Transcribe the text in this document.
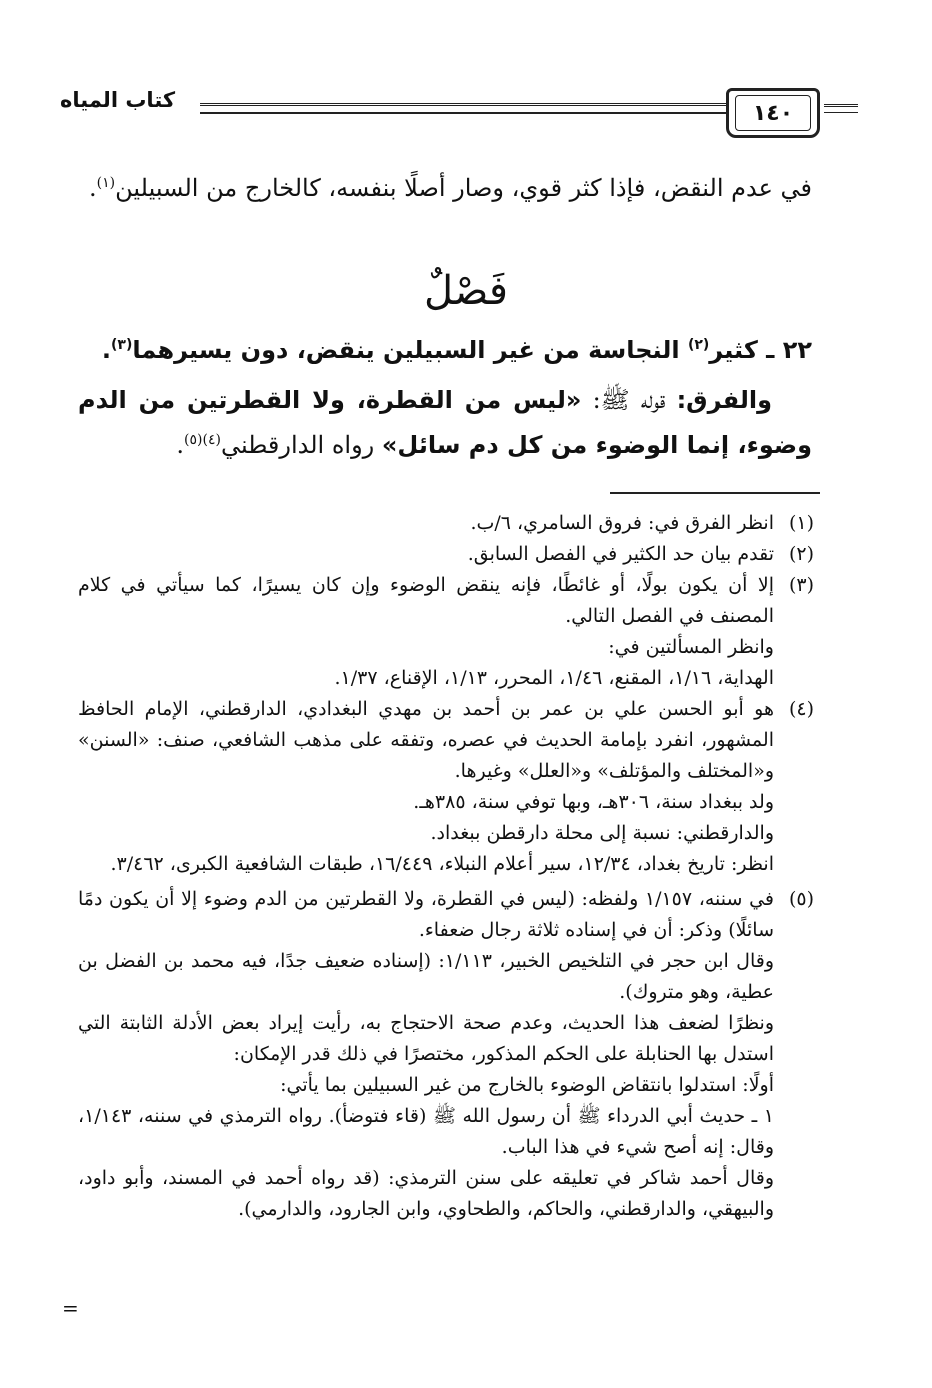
كتاب المياه
١٤٠
في عدم النقض، فإذا كثر قوي، وصار أصلًا بنفسه، كالخارج من السبيلين$^{(١)}$.
فَصْلٌ
٢٢ ـ كثير$^{(٢)}$ النجاسة من غير السبيلين ينقض، دون يسيرهما$^{(٣)}$.
والفرق: قوله ﷺ: «ليس من القطرة، ولا القطرتين من الدم وضوء، إنما الوضوء من كل دم سائل» رواه الدارقطني$^{(٤)(٥)}$.
(١)
انظر الفرق في: فروق السامري، ٦/ب.
(٢)
تقدم بيان حد الكثير في الفصل السابق.
(٣)
إلا أن يكون بولًا، أو غائطًا، فإنه ينقض الوضوء وإن كان يسيرًا، كما سيأتي في كلام المصنف في الفصل التالي.
وانظر المسألتين في:
الهداية، ١/١٦، المقنع، ١/٤٦، المحرر، ١/١٣، الإقناع، ١/٣٧.
(٤)
هو أبو الحسن علي بن عمر بن أحمد بن مهدي البغدادي، الدارقطني، الإمام الحافظ المشهور، انفرد بإمامة الحديث في عصره، وتفقه على مذهب الشافعي، صنف: «السنن» و«المختلف والمؤتلف» و«العلل» وغيرها.
ولد ببغداد سنة، ٣٠٦هـ، وبها توفي سنة، ٣٨٥هـ.
والدارقطني: نسبة إلى محلة دارقطن ببغداد.
انظر: تاريخ بغداد، ١٢/٣٤، سير أعلام النبلاء، ١٦/٤٤٩، طبقات الشافعية الكبرى، ٣/٤٦٢.
(٥)
في سننه، ١/١٥٧ ولفظه: (ليس في القطرة، ولا القطرتين من الدم وضوء إلا أن يكون دمًا سائلًا) وذكر: أن في إسناده ثلاثة رجال ضعفاء.
وقال ابن حجر في التلخيص الخبير، ١/١١٣: (إسناده ضعيف جدًا، فيه محمد بن الفضل بن عطية، وهو متروك).
ونظرًا لضعف هذا الحديث، وعدم صحة الاحتجاج به، رأيت إيراد بعض الأدلة الثابتة التي استدل بها الحنابلة على الحكم المذكور، مختصرًا في ذلك قدر الإمكان:
أولًا: استدلوا بانتقاض الوضوء بالخارج من غير السبيلين بما يأتي:
١ ـ حديث أبي الدرداء ﷺ أن رسول الله ﷺ (قاء فتوضأ). رواه الترمذي في سننه، ١/١٤٣، وقال: إنه أصح شيء في هذا الباب.
وقال أحمد شاكر في تعليقه على سنن الترمذي: (قد رواه أحمد في المسند، وأبو داود، والبيهقي، والدارقطني، والحاكم، والطحاوي، وابن الجارود، والدارمي).
=
